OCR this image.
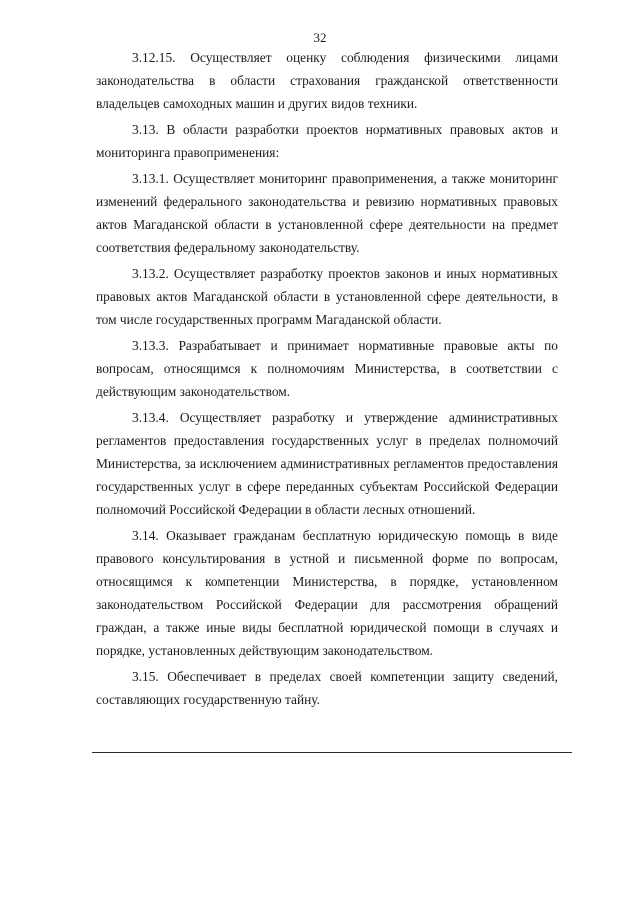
32

3.12.15. Осуществляет оценку соблюдения физическими лицами законодательства в области страхования гражданской ответственности владельцев самоходных машин и других видов техники.

3.13. В области разработки проектов нормативных правовых актов и мониторинга правоприменения:

3.13.1. Осуществляет мониторинг правоприменения, а также мониторинг изменений федерального законодательства и ревизию нормативных правовых актов Магаданской области в установленной сфере деятельности на предмет соответствия федеральному законодательству.

3.13.2. Осуществляет разработку проектов законов и иных нормативных правовых актов Магаданской области в установленной сфере деятельности, в том числе государственных программ Магаданской области.

3.13.3. Разрабатывает и принимает нормативные правовые акты по вопросам, относящимся к полномочиям Министерства, в соответствии с действующим законодательством.

3.13.4. Осуществляет разработку и утверждение административных регламентов предоставления государственных услуг в пределах полномочий Министерства, за исключением административных регламентов предоставления государственных услуг в сфере переданных субъектам Российской Федерации полномочий Российской Федерации в области лесных отношений.

3.14. Оказывает гражданам бесплатную юридическую помощь в виде правового консультирования в устной и письменной форме по вопросам, относящимся к компетенции Министерства, в порядке, установленном законодательством Российской Федерации для рассмотрения обращений граждан, а также иные виды бесплатной юридической помощи в случаях и порядке, установленных действующим законодательством.

3.15. Обеспечивает в пределах своей компетенции защиту сведений, составляющих государственную тайну.
